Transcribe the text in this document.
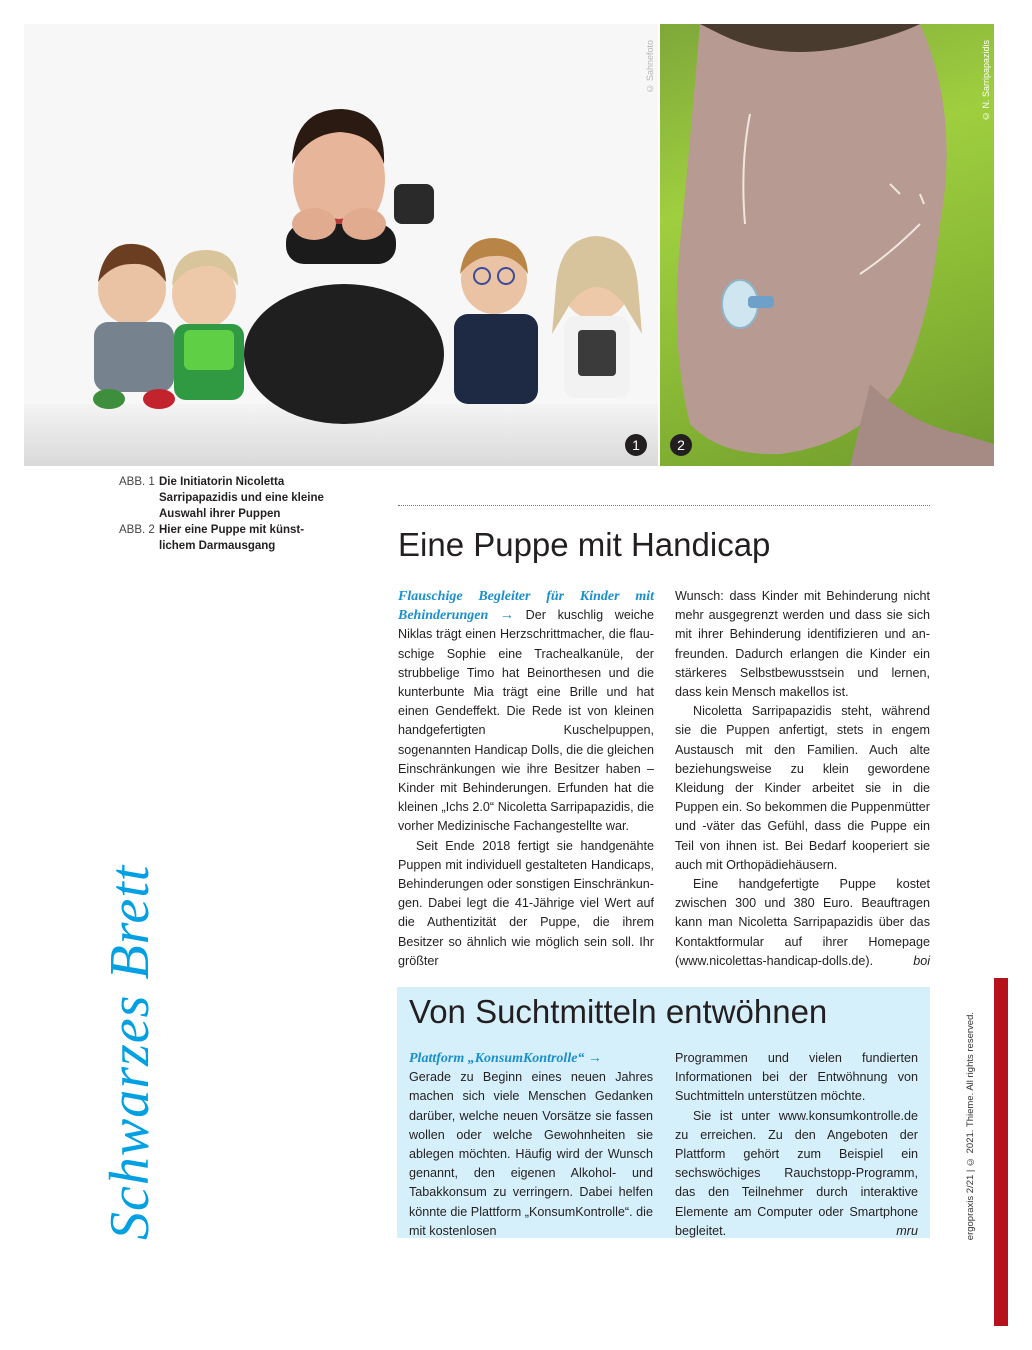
© Sahnefoto	© N. Sarripapazidis
1	2
ABB. 1 Die Initiatorin Nicoletta Sarripapazidis und eine kleine Auswahl ihrer Puppen
ABB. 2 Hier eine Puppe mit künst-lichem Darmausgang
Schwarzes Brett
Eine Puppe mit Handicap

Flauschige Begleiter für Kinder mit Behinderungen → Der kuschlig weiche Niklas trägt einen Herzschrittmacher, die flauschige Sophie eine Trachealkanüle, der strubbelige Timo hat Beinorthesen und die kunterbunte Mia trägt eine Brille und hat einen Gendeffekt. Die Rede ist von kleinen handgefertigten Kuschelpuppen, sogenannten Handicap Dolls, die die gleichen Einschränkungen wie ihre Besitzer haben – Kinder mit Behinderungen. Erfunden hat die kleinen „Ichs 2.0“ Nicoletta Sarripapazidis, die vorher Medizinische Fachangestellte war.

Seit Ende 2018 fertigt sie handgenähte Puppen mit individuell gestalteten Handicaps, Behinderungen oder sonstigen Einschränkungen. Dabei legt die 41-Jährige viel Wert auf die Authentizität der Puppe, die ihrem Besitzer so ähnlich wie möglich sein soll. Ihr größter

Wunsch: dass Kinder mit Behinderung nicht mehr ausgegrenzt werden und dass sie sich mit ihrer Behinderung identifizieren und anfreunden. Dadurch erlangen die Kinder ein stärkeres Selbstbewusstsein und lernen, dass kein Mensch makellos ist.

Nicoletta Sarripapazidis steht, während sie die Puppen anfertigt, stets in engem Austausch mit den Familien. Auch alte beziehungsweise zu klein gewordene Kleidung der Kinder arbeitet sie in die Puppen ein. So bekommen die Puppenmütter und -väter das Gefühl, dass die Puppe ein Teil von ihnen ist. Bei Bedarf kooperiert sie auch mit Orthopädiehäusern.

Eine handgefertigte Puppe kostet zwischen 300 und 380 Euro. Beauftragen kann man Nicoletta Sarripapazidis über das Kontaktformular auf ihrer Homepage (www.nicolettas-handicap-dolls.de).	boi

Von Suchtmitteln entwöhnen

Plattform „KonsumKontrolle“ →
Gerade zu Beginn eines neuen Jahres machen sich viele Menschen Gedanken darüber, welche neuen Vorsätze sie fassen wollen oder welche Gewohnheiten sie ablegen möchten. Häufig wird der Wunsch genannt, den eigenen Alkohol- und Tabakkonsum zu verringern. Dabei helfen könnte die Plattform „KonsumKontrolle“. die mit kostenlosen

Programmen und vielen fundierten Informationen bei der Entwöhnung von Suchtmitteln unterstützen möchte.

Sie ist unter www.konsumkontrolle.de zu erreichen. Zu den Angeboten der Plattform gehört zum Beispiel ein sechswöchiges Rauchstopp-Programm, das den Teilnehmer durch interaktive Elemente am Computer oder Smartphone begleitet.	mru	ergopraxis 2/21 | © 2021. Thieme. All rights reserved.
